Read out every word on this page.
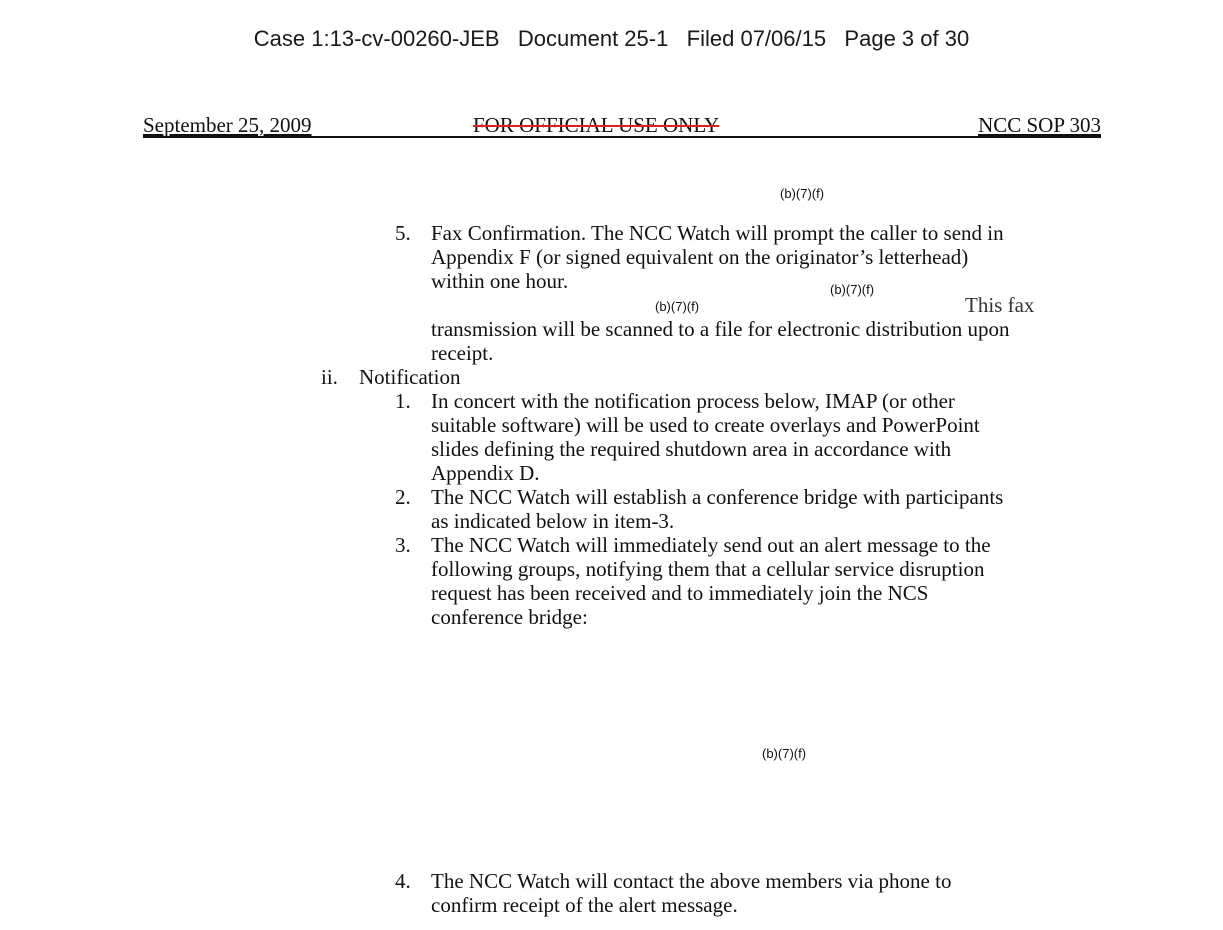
Case 1:13-cv-00260-JEB   Document 25-1   Filed 07/06/15   Page 3 of 30
September 25, 2009	FOR OFFICIAL USE ONLY	NCC SOP 303
(b)(7)(f)
(b)(7)(f)
(b)(7)(f)
(b)(7)(f)
5. Fax Confirmation. The NCC Watch will prompt the caller to send in
Appendix F (or signed equivalent on the originator’s letterhead)
within one hour.
This fax
transmission will be scanned to a file for electronic distribution upon
receipt.
ii. Notification
1. In concert with the notification process below, IMAP (or other
suitable software) will be used to create overlays and PowerPoint
slides defining the required shutdown area in accordance with
Appendix D.
2. The NCC Watch will establish a conference bridge with participants
as indicated below in item-3.
3. The NCC Watch will immediately send out an alert message to the
following groups, notifying them that a cellular service disruption
request has been received and to immediately join the NCS
conference bridge:
4. The NCC Watch will contact the above members via phone to
confirm receipt of the alert message.
